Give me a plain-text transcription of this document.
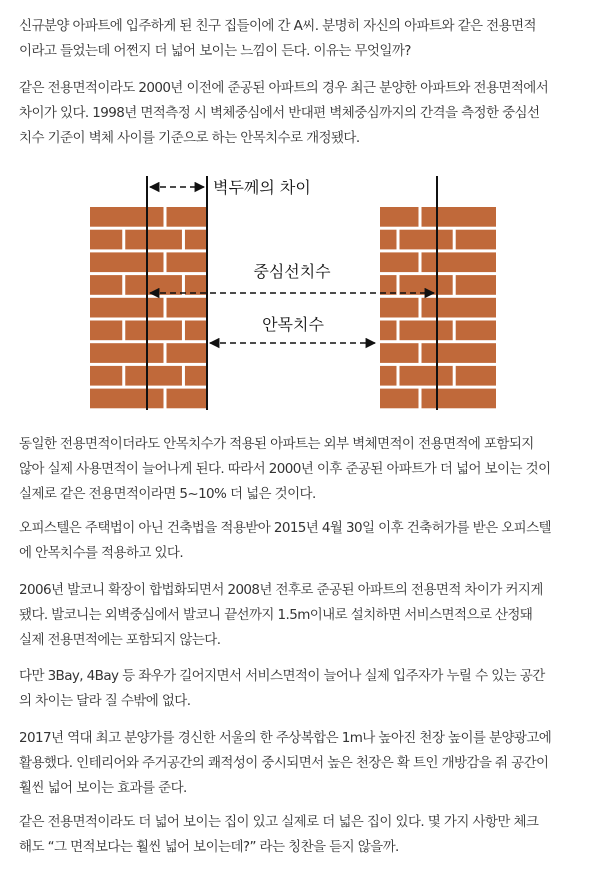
신규분양 아파트에 입주하게 된 친구 집들이에 간 A씨. 분명히 자신의 아파트와 같은 전용면적
이라고 들었는데 어쩐지 더 넓어 보이는 느낌이 든다. 이유는 무엇일까?
같은 전용면적이라도 2000년 이전에 준공된 아파트의 경우 최근 분양한 아파트와 전용면적에서
차이가 있다. 1998년 면적측정 시 벽체중심에서 반대편 벽체중심까지의 간격을 측정한 중심선
치수 기준이 벽체 사이를 기준으로 하는 안목치수로 개정됐다.
벽두께의 차이
중심선치수
안목치수
동일한 전용면적이더라도 안목치수가 적용된 아파트는 외부 벽체면적이 전용면적에 포함되지
않아 실제 사용면적이 늘어나게 된다. 따라서 2000년 이후 준공된 아파트가 더 넓어 보이는 것이
실제로 같은 전용면적이라면 5~10% 더 넓은 것이다.
오피스텔은 주택법이 아닌 건축법을 적용받아 2015년 4월 30일 이후 건축허가를 받은 오피스텔
에 안목치수를 적용하고 있다.
2006년 발코니 확장이 합법화되면서 2008년 전후로 준공된 아파트의 전용면적 차이가 커지게
됐다. 발코니는 외벽중심에서 발코니 끝선까지 1.5m이내로 설치하면 서비스면적으로 산정돼
실제 전용면적에는 포함되지 않는다.
다만 3Bay, 4Bay 등 좌우가 길어지면서 서비스면적이 늘어나 실제 입주자가 누릴 수 있는 공간
의 차이는 달라 질 수밖에 없다.
2017년 역대 최고 분양가를 경신한 서울의 한 주상복합은 1m나 높아진 천장 높이를 분양광고에
활용했다. 인테리어와 주거공간의 쾌적성이 중시되면서 높은 천장은 확 트인 개방감을 줘 공간이
훨씬 넓어 보이는 효과를 준다.
같은 전용면적이라도 더 넓어 보이는 집이 있고 실제로 더 넓은 집이 있다. 몇 가지 사항만 체크
해도 “그 면적보다는 훨씬 넓어 보이는데?” 라는 칭찬을 듣지 않을까.
